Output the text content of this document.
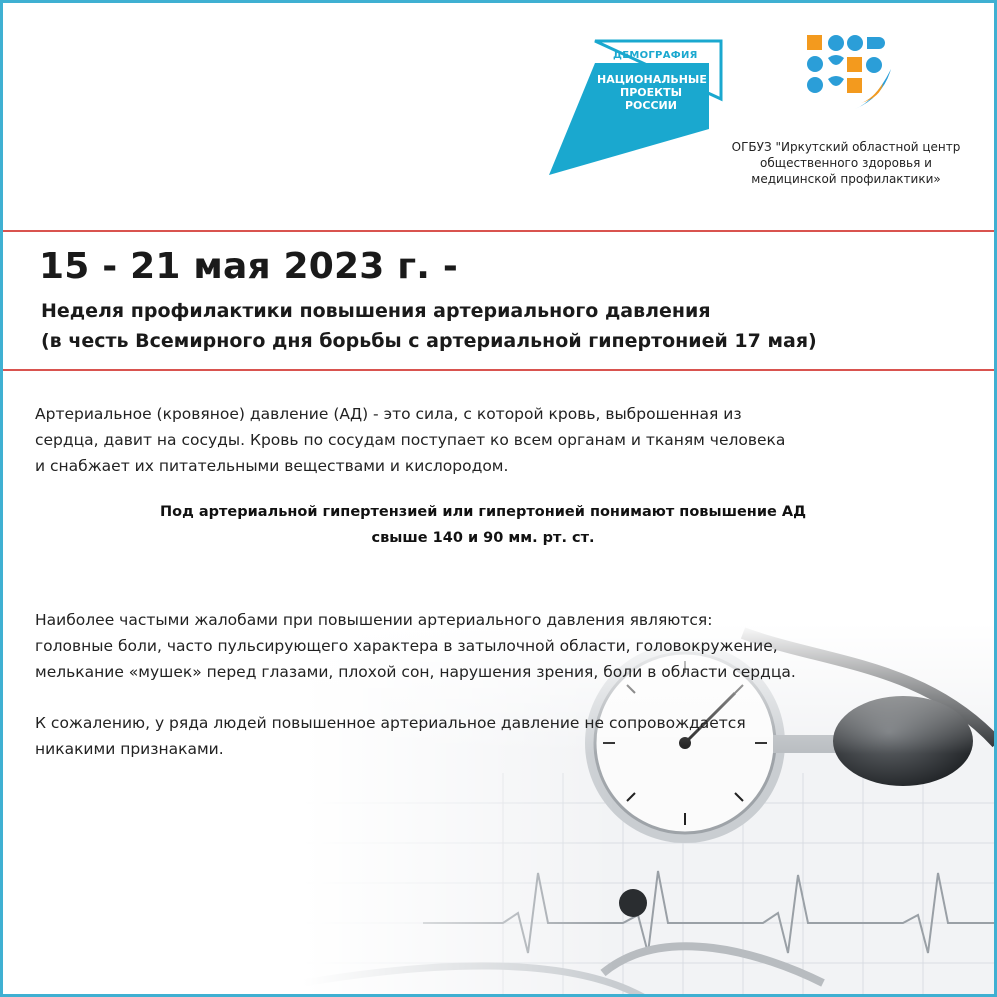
ДЕМОГРАФИЯ
НАЦИОНАЛЬНЫЕ
ПРОЕКТЫ
РОССИИ
ОГБУЗ "Иркутский областной центр
общественного здоровья и
медицинской профилактики»
15 - 21 мая 2023 г. -
Неделя профилактики повышения артериального давления
(в честь Всемирного дня борьбы с артериальной гипертонией 17 мая)
Артериальное (кровяное) давление (АД) - это сила, с которой кровь, выброшенная из
сердца, давит на сосуды. Кровь по сосудам поступает ко всем органам и тканям человека
и снабжает их питательными веществами и кислородом.
Под артериальной гипертензией или гипертонией понимают повышение АД
свыше 140 и 90 мм. рт. ст.
Наиболее частыми жалобами при повышении артериального давления являются:
головные боли, часто пульсирующего характера в затылочной области, головокружение,
мелькание «мушек» перед глазами, плохой сон, нарушения зрения, боли в области сердца.
К сожалению, у ряда людей повышенное артериальное давление не сопровождается
никакими признаками.
